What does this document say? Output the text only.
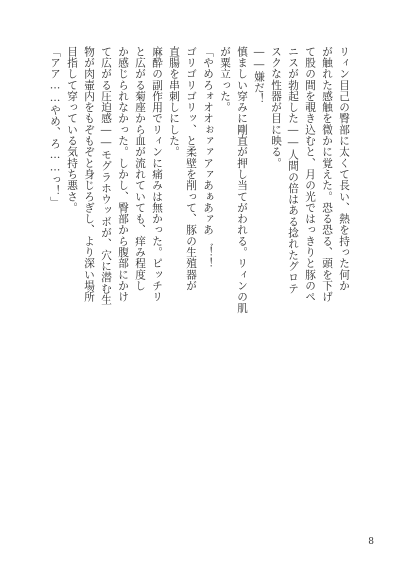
リィン目己の臀部に太くて長い、熱を持った何か
が触れた感触を微かに覚えた。恐る恐る、頭を下げ
て股の間を覗き込むと、月の光ではっきりと豚のペ
ニスが勃起した――人間の倍はある捻れたグロテ
スクな性器が目に映る。
――嫌だ！
慎ましい穿みに剛直が押し当てがわれる。リィンの肌
が粟立った。
「やめろォオオぉァァアァあぁあァあ゛！！
ゴリゴリゴリッ、と柔壁を削って、豚の生殖器が
直腸を串刺しにした。
麻酔の副作用でリィンに痛みは無かった。ピッチリ
と広がる菊座から血が流れていても、痒み程度し
か感じられなかった。しかし、臀部から腹部にかけ
て広がる圧迫感――モグラホウッボが、穴に潜む生
物が肉壷内をもぞもぞと身じろぎし、より深い場所
目指して穿っている気持ち悪さ。
「アア……やめ、ろ……っ！」
8
